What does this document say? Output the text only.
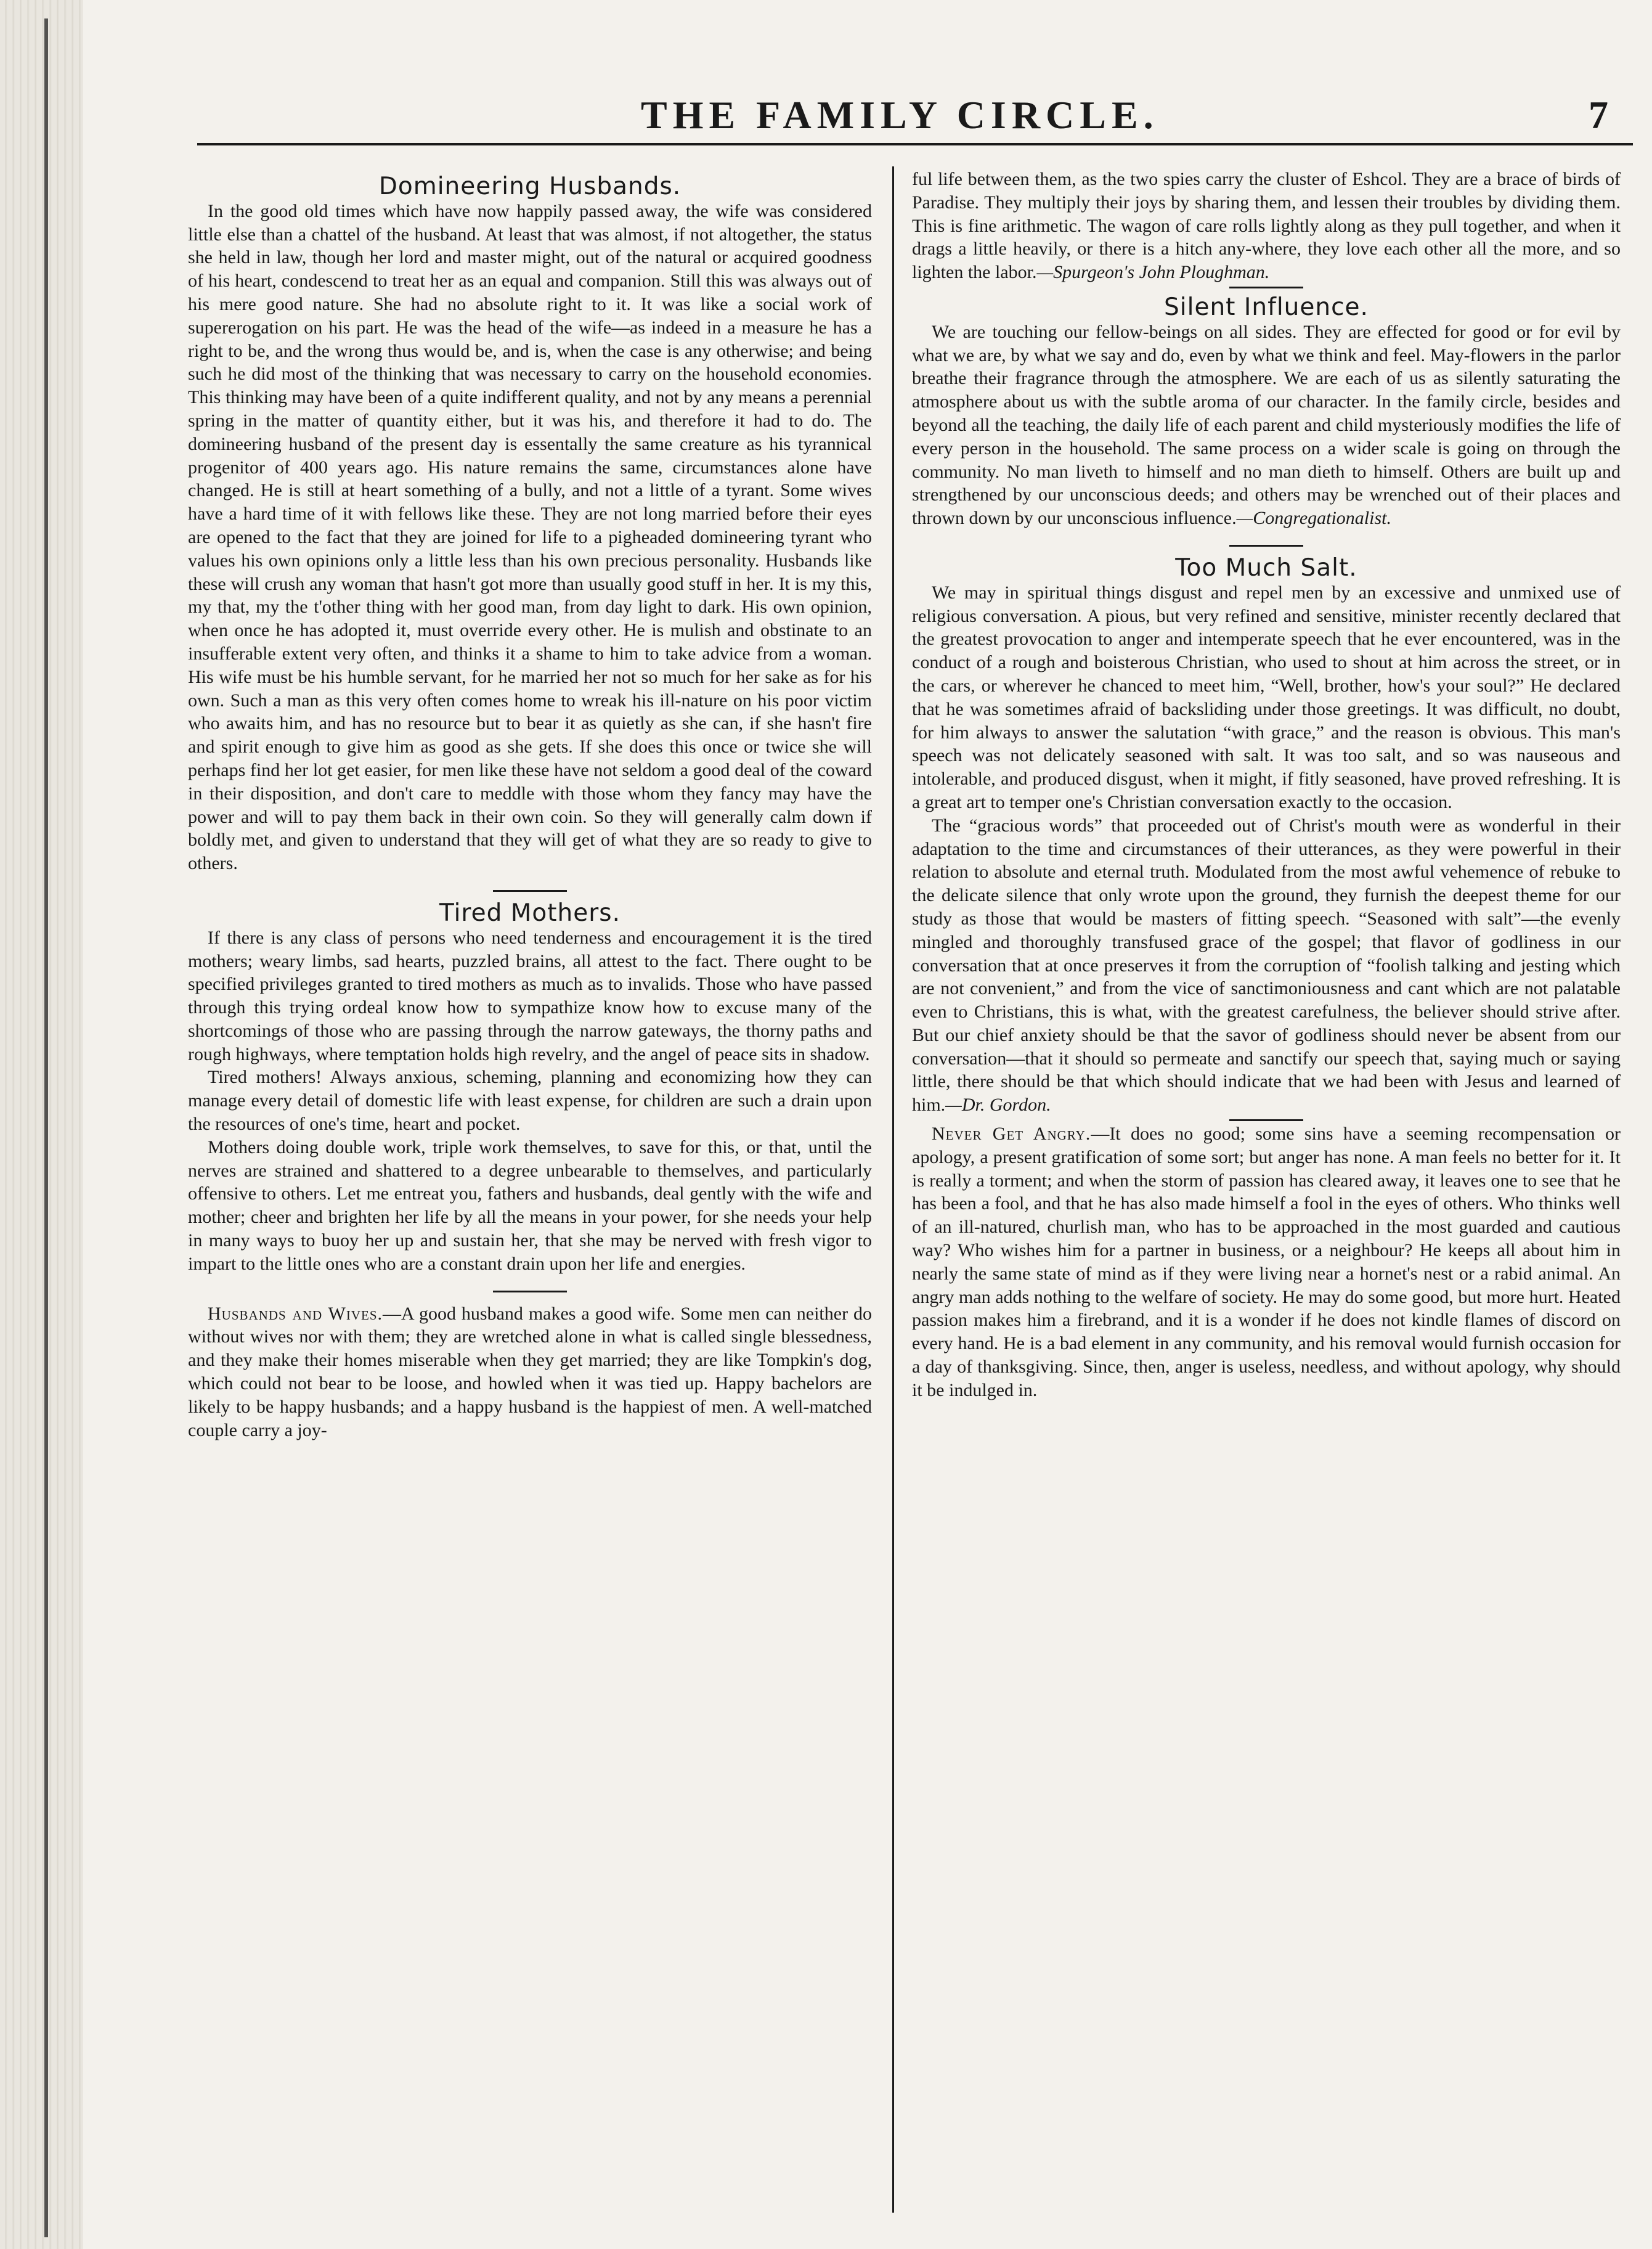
THE FAMILY CIRCLE.	7
Domineering Husbands.

In the good old times which have now happily passed away, the wife was considered little else than a chattel of the husband. At least that was almost, if not altogether, the status she held in law, though her lord and master might, out of the natural or acquired goodness of his heart, condescend to treat her as an equal and companion. Still this was always out of his mere good nature. She had no absolute right to it. It was like a social work of supererogation on his part. He was the head of the wife—as indeed in a measure he has a right to be, and the wrong thus would be, and is, when the case is any otherwise; and being such he did most of the thinking that was necessary to carry on the household economies. This thinking may have been of a quite indifferent quality, and not by any means a perennial spring in the matter of quantity either, but it was his, and therefore it had to do. The domineering husband of the present day is essentally the same creature as his tyrannical progenitor of 400 years ago. His nature remains the same, circumstances alone have changed. He is still at heart something of a bully, and not a little of a tyrant. Some wives have a hard time of it with fellows like these. They are not long married before their eyes are opened to the fact that they are joined for life to a pigheaded domineering tyrant who values his own opinions only a little less than his own precious personality. Husbands like these will crush any woman that hasn't got more than usually good stuff in her. It is my this, my that, my the t'other thing with her good man, from day light to dark. His own opinion, when once he has adopted it, must override every other. He is mulish and obstinate to an insufferable extent very often, and thinks it a shame to him to take advice from a woman. His wife must be his humble servant, for he married her not so much for her sake as for his own. Such a man as this very often comes home to wreak his ill-nature on his poor victim who awaits him, and has no resource but to bear it as quietly as she can, if she hasn't fire and spirit enough to give him as good as she gets. If she does this once or twice she will perhaps find her lot get easier, for men like these have not seldom a good deal of the coward in their disposition, and don't care to meddle with those whom they fancy may have the power and will to pay them back in their own coin. So they will generally calm down if boldly met, and given to understand that they will get of what they are so ready to give to others.

Tired Mothers.

If there is any class of persons who need tenderness and encouragement it is the tired mothers; weary limbs, sad hearts, puzzled brains, all attest to the fact. There ought to be specified privileges granted to tired mothers as much as to invalids. Those who have passed through this trying ordeal know how to sympathize know how to excuse many of the shortcomings of those who are passing through the narrow gateways, the thorny paths and rough highways, where temptation holds high revelry, and the angel of peace sits in shadow.

Tired mothers! Always anxious, scheming, planning and economizing how they can manage every detail of domestic life with least expense, for children are such a drain upon the resources of one's time, heart and pocket.

Mothers doing double work, triple work themselves, to save for this, or that, until the nerves are strained and shattered to a degree unbearable to themselves, and particularly offensive to others. Let me entreat you, fathers and husbands, deal gently with the wife and mother; cheer and brighten her life by all the means in your power, for she needs your help in many ways to buoy her up and sustain her, that she may be nerved with fresh vigor to impart to the little ones who are a constant drain upon her life and energies.

Husbands and Wives.—A good husband makes a good wife. Some men can neither do without wives nor with them; they are wretched alone in what is called single blessedness, and they make their homes miserable when they get married; they are like Tompkin's dog, which could not bear to be loose, and howled when it was tied up. Happy bachelors are likely to be happy husbands; and a happy husband is the happiest of men. A well-matched couple carry a joy-

ful life between them, as the two spies carry the cluster of Eshcol. They are a brace of birds of Paradise. They multiply their joys by sharing them, and lessen their troubles by dividing them. This is fine arithmetic. The wagon of care rolls lightly along as they pull together, and when it drags a little heavily, or there is a hitch any-where, they love each other all the more, and so lighten the labor.—Spurgeon's John Ploughman.

Silent Influence.

We are touching our fellow-beings on all sides. They are effected for good or for evil by what we are, by what we say and do, even by what we think and feel. May-flowers in the parlor breathe their fragrance through the atmosphere. We are each of us as silently saturating the atmosphere about us with the subtle aroma of our character. In the family circle, besides and beyond all the teaching, the daily life of each parent and child mysteriously modifies the life of every person in the household. The same process on a wider scale is going on through the community. No man liveth to himself and no man dieth to himself. Others are built up and strengthened by our unconscious deeds; and others may be wrenched out of their places and thrown down by our unconscious influence.—Congregationalist.

Too Much Salt.

We may in spiritual things disgust and repel men by an excessive and unmixed use of religious conversation. A pious, but very refined and sensitive, minister recently declared that the greatest provocation to anger and intemperate speech that he ever encountered, was in the conduct of a rough and boisterous Christian, who used to shout at him across the street, or in the cars, or wherever he chanced to meet him, “Well, brother, how's your soul?” He declared that he was sometimes afraid of backsliding under those greetings. It was difficult, no doubt, for him always to answer the salutation “with grace,” and the reason is obvious. This man's speech was not delicately seasoned with salt. It was too salt, and so was nauseous and intolerable, and produced disgust, when it might, if fitly seasoned, have proved refreshing. It is a great art to temper one's Christian conversation exactly to the occasion.

The “gracious words” that proceeded out of Christ's mouth were as wonderful in their adaptation to the time and circumstances of their utterances, as they were powerful in their relation to absolute and eternal truth. Modulated from the most awful vehemence of rebuke to the delicate silence that only wrote upon the ground, they furnish the deepest theme for our study as those that would be masters of fitting speech. “Seasoned with salt”—the evenly mingled and thoroughly transfused grace of the gospel; that flavor of godliness in our conversation that at once preserves it from the corruption of “foolish talking and jesting which are not convenient,” and from the vice of sanctimoniousness and cant which are not palatable even to Christians, this is what, with the greatest carefulness, the believer should strive after. But our chief anxiety should be that the savor of godliness should never be absent from our conversation—that it should so permeate and sanctify our speech that, saying much or saying little, there should be that which should indicate that we had been with Jesus and learned of him.—Dr. Gordon.

Never Get Angry.—It does no good; some sins have a seeming recompensation or apology, a present gratification of some sort; but anger has none. A man feels no better for it. It is really a torment; and when the storm of passion has cleared away, it leaves one to see that he has been a fool, and that he has also made himself a fool in the eyes of others. Who thinks well of an ill-natured, churlish man, who has to be approached in the most guarded and cautious way? Who wishes him for a partner in business, or a neighbour? He keeps all about him in nearly the same state of mind as if they were living near a hornet's nest or a rabid animal. An angry man adds nothing to the welfare of society. He may do some good, but more hurt. Heated passion makes him a firebrand, and it is a wonder if he does not kindle flames of discord on every hand. He is a bad element in any community, and his removal would furnish occasion for a day of thanksgiving. Since, then, anger is useless, needless, and without apology, why should it be indulged in.
